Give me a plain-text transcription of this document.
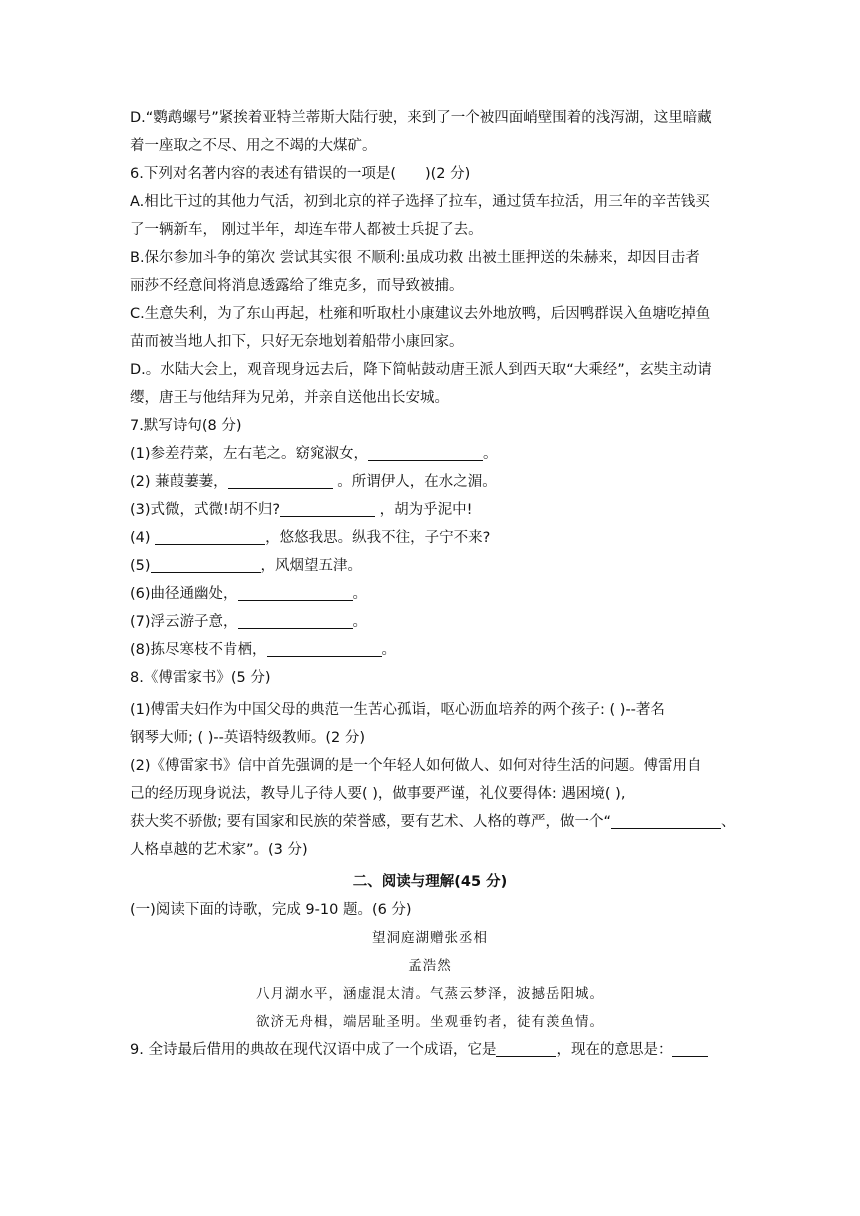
D.“鹦鹉螺号”紧挨着亚特兰蒂斯大陆行驶，来到了一个被四面峭壁围着的浅泻湖，这里暗藏
着一座取之不尽、用之不竭的大煤矿。
6.下列对名著内容的表述有错误的一项是(　　)(2 分)
A.相比干过的其他力气活，初到北京的祥子选择了拉车，通过赁车拉活，用三年的辛苦钱买
了一辆新车， 刚过半年，却连车带人都被士兵捉了去。
B.保尔参加斗争的第次 尝试其实很 不顺利:虽成功救 出被土匪押送的朱赫来，却因目击者
丽莎不经意间将消息透露给了维克多，而导致被捕。
C.生意失利，为了东山再起，杜雍和听取杜小康建议去外地放鸭，后因鸭群误入鱼塘吃掉鱼
苗而被当地人扣下，只好无奈地划着船带小康回家。
D.。水陆大会上，观音现身远去后，降下简帖鼓动唐王派人到西天取“大乘经”，玄奘主动请
缨，唐王与他结拜为兄弟，并亲自送他出长安城。
7.默写诗句(8 分)
(1)参差荇菜，左右芼之。窈窕淑女，	。
(2) 蒹葭萋萋，	。所谓伊人，在水之湄。
(3)式微，式微!胡不归?	，胡为乎泥中!
(4)	，悠悠我思。纵我不往，子宁不来?
(5)	，风烟望五津。
(6)曲径通幽处，	。
(7)浮云游子意，	。
(8)拣尽寒枝不肯栖，	。
8.《傅雷家书》(5 分)
(1)傅雷夫妇作为中国父母的典范一生苦心孤诣，呕心沥血培养的两个孩子: ( )--著名
钢琴大师; ( )--英语特级教师。(2 分)
(2)《傅雷家书》信中首先强调的是一个年轻人如何做人、如何对待生活的问题。傅雷用自
己的经历现身说法，教导儿子待人要( )，做事要严谨，礼仪要得体: 遇困境( ),
获大奖不骄傲; 要有国家和民族的荣誉感，要有艺术、人格的尊严，做一个“	、
人格卓越的艺术家”。(3 分)
二、阅读与理解(45 分)
(一)阅读下面的诗歌，完成 9-10 题。(6 分)
望洞庭湖赠张丞相
孟浩然
八月湖水平，涵虚混太清。气蒸云梦泽，波撼岳阳城。
欲济无舟楫，端居耻圣明。坐观垂钓者，徒有羡鱼情。
9. 全诗最后借用的典故在现代汉语中成了一个成语，它是	，现在的意思是：
